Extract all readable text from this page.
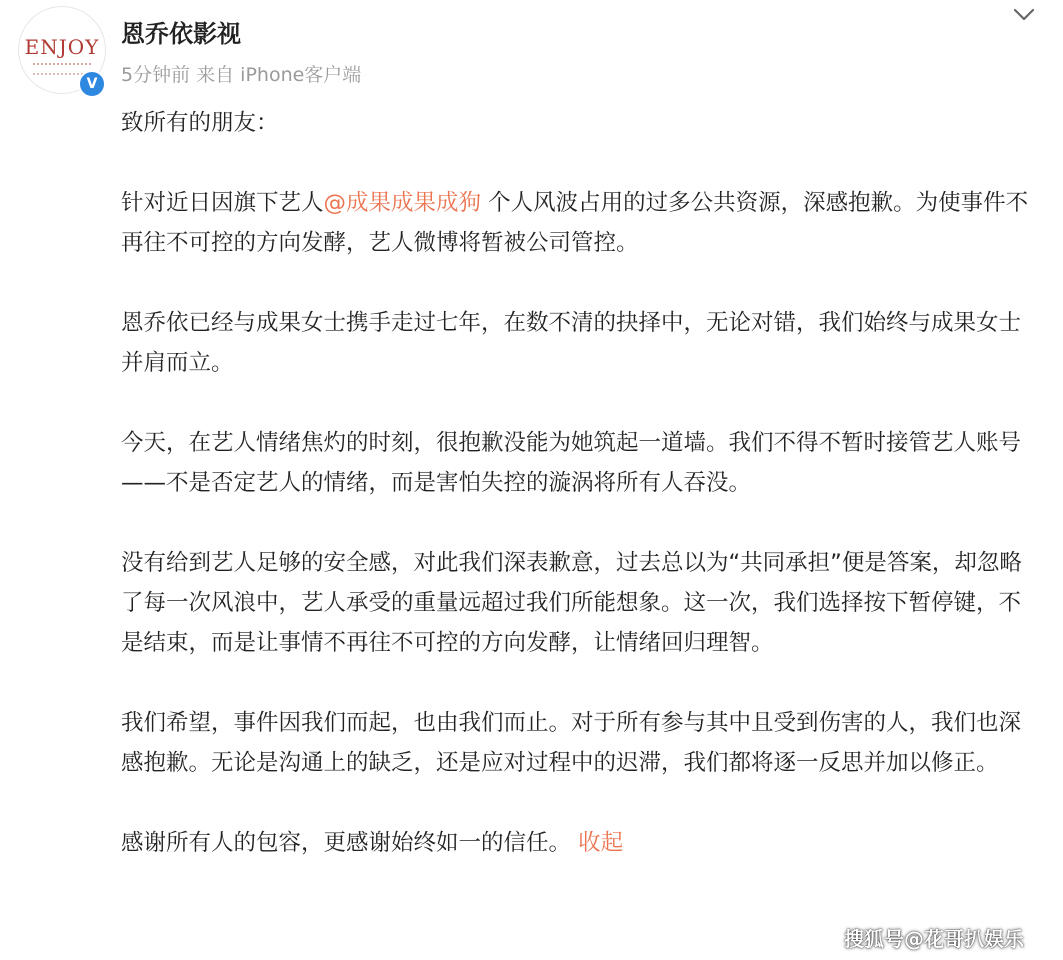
ENJOY
V
恩乔依影视
5分钟前 来自 iPhone客户端

致所有的朋友：

针对近日因旗下艺人@成果成果成狗 个人风波占用的过多公共资源，深感抱歉。为使事件不再往不可控的方向发酵，艺人微博将暂被公司管控。

恩乔依已经与成果女士携手走过七年，在数不清的抉择中，无论对错，我们始终与成果女士并肩而立。

今天，在艺人情绪焦灼的时刻，很抱歉没能为她筑起一道墙。我们不得不暂时接管艺人账号——不是否定艺人的情绪，而是害怕失控的漩涡将所有人吞没。

没有给到艺人足够的安全感，对此我们深表歉意，过去总以为“共同承担”便是答案，却忽略了每一次风浪中，艺人承受的重量远超过我们所能想象。这一次，我们选择按下暂停键，不是结束，而是让事情不再往不可控的方向发酵，让情绪回归理智。

我们希望，事件因我们而起，也由我们而止。对于所有参与其中且受到伤害的人，我们也深感抱歉。无论是沟通上的缺乏，还是应对过程中的迟滞，我们都将逐一反思并加以修正。

感谢所有人的包容，更感谢始终如一的信任。 收起

搜狐号@花哥扒娱乐
